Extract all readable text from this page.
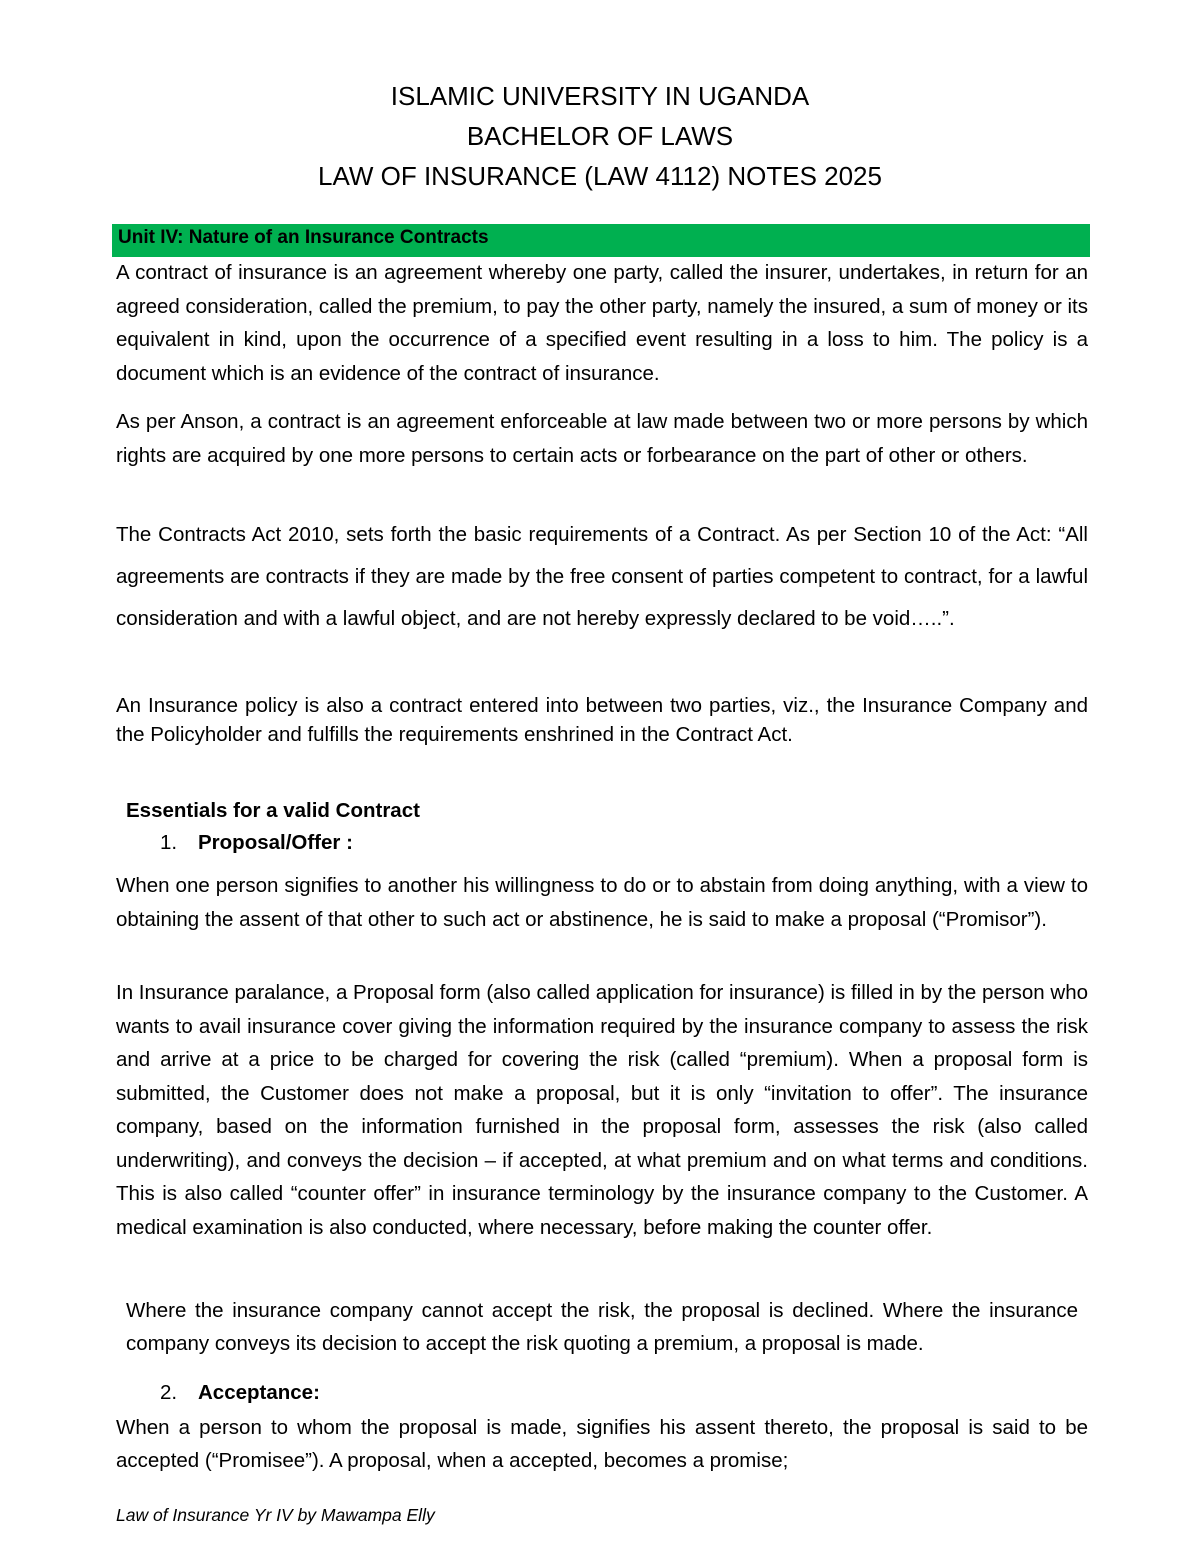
ISLAMIC UNIVERSITY IN UGANDA

BACHELOR OF LAWS

LAW OF INSURANCE (LAW 4112) NOTES 2025

Unit IV: Nature of an Insurance Contracts

A contract of insurance is an agreement whereby one party, called the insurer, undertakes, in return for an agreed consideration, called the premium, to pay the other party, namely the insured, a sum of money or its equivalent in kind, upon the occurrence of a specified event resulting in a loss to him. The policy is a document which is an evidence of the contract of insurance.

As per Anson, a contract is an agreement enforceable at law made between two or more persons by which rights are acquired by one more persons to certain acts or forbearance on the part of other or others.

The Contracts Act 2010, sets forth the basic requirements of a Contract. As per Section 10 of the Act: “All agreements are contracts if they are made by the free consent of parties competent to contract, for a lawful consideration and with a lawful object, and are not hereby expressly declared to be void…..”.

An Insurance policy is also a contract entered into between two parties, viz., the Insurance Company and the Policyholder and fulfills the requirements enshrined in the Contract Act.

Essentials for a valid Contract

1. Proposal/Offer :

When one person signifies to another his willingness to do or to abstain from doing anything, with a view to obtaining the assent of that other to such act or abstinence, he is said to make a proposal (“Promisor”).

In Insurance paralance, a Proposal form (also called application for insurance) is filled in by the person who wants to avail insurance cover giving the information required by the insurance company to assess the risk and arrive at a price to be charged for covering the risk (called “premium). When a proposal form is submitted, the Customer does not make a proposal, but it is only “invitation to offer”. The insurance company, based on the information furnished in the proposal form, assesses the risk (also called underwriting), and conveys the decision – if accepted, at what premium and on what terms and conditions. This is also called “counter offer” in insurance terminology by the insurance company to the Customer. A medical examination is also conducted, where necessary, before making the counter offer.

Where the insurance company cannot accept the risk, the proposal is declined. Where the insurance company conveys its decision to accept the risk quoting a premium, a proposal is made.

2. Acceptance:

When a person to whom the proposal is made, signifies his assent thereto, the proposal is said to be accepted (“Promisee”). A proposal, when a accepted, becomes a promise;

Law of Insurance Yr IV by Mawampa Elly
